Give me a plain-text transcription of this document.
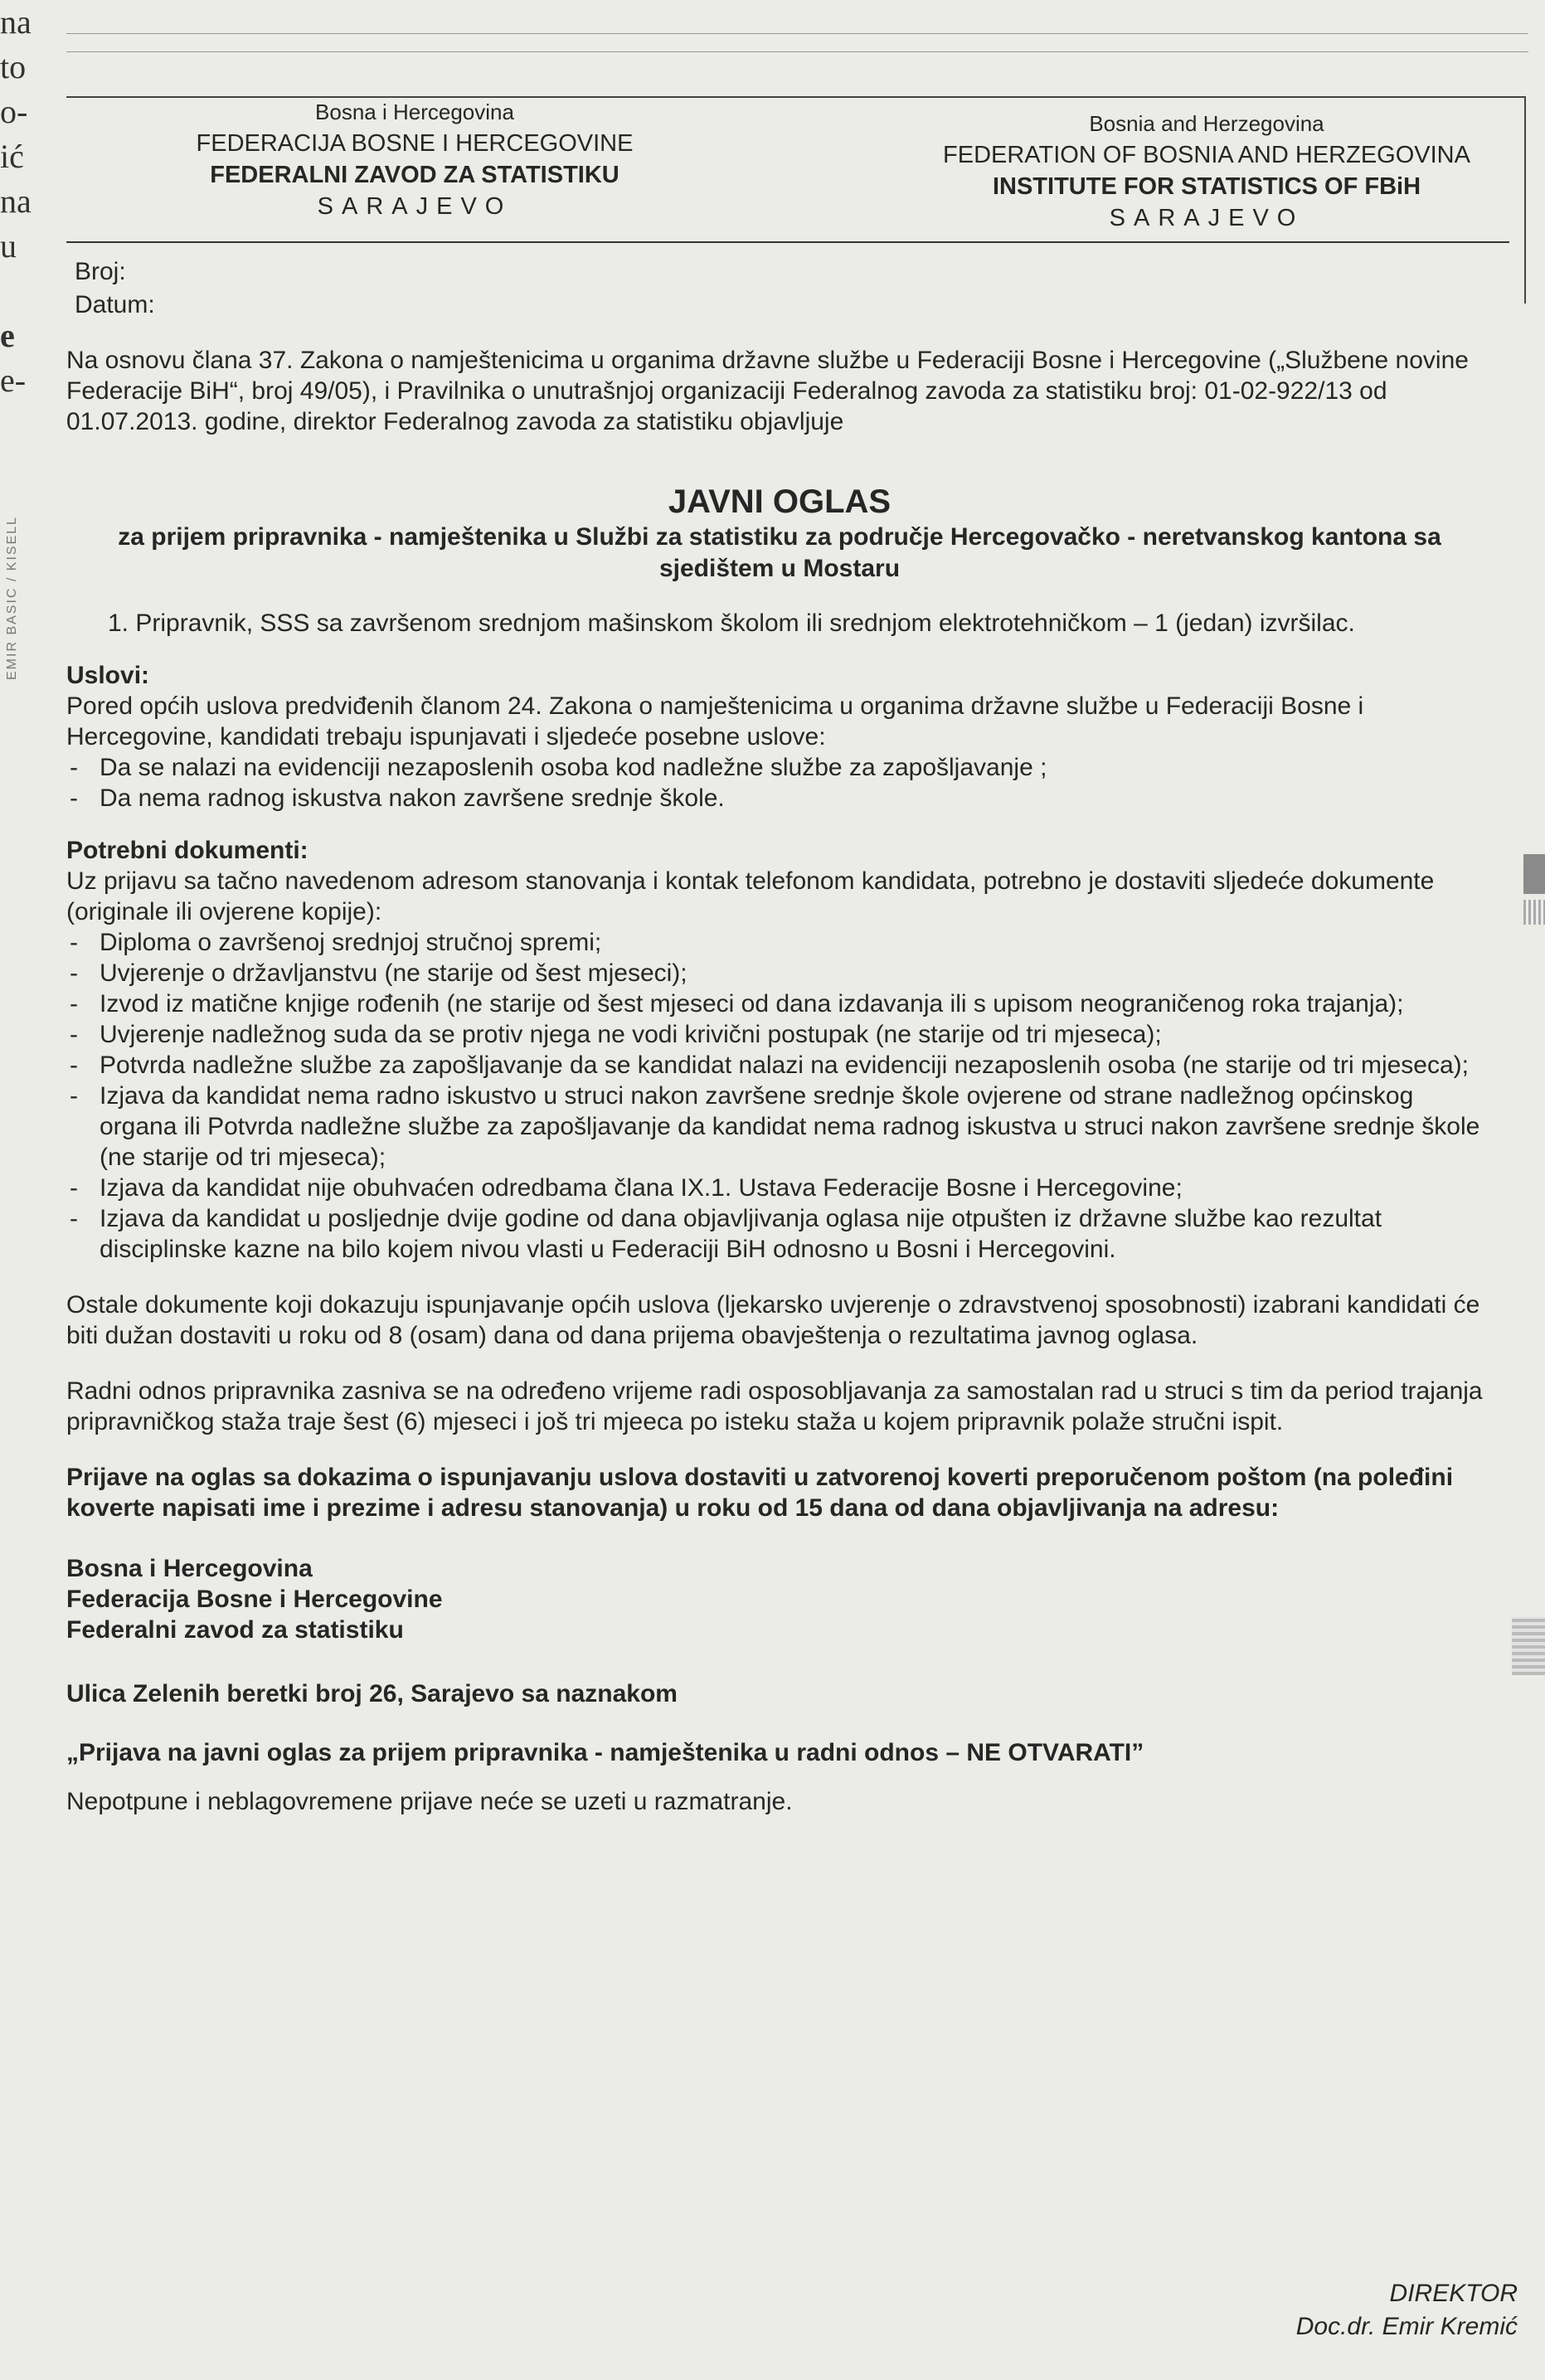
na
to
o-
ić
na
u

e
e-
EMIR BASIC / KISELL
Bosna i Hercegovina
FEDERACIJA BOSNE I HERCEGOVINE
FEDERALNI ZAVOD ZA STATISTIKU
SARAJEVO
Bosnia and Herzegovina
FEDERATION OF BOSNIA AND HERZEGOVINA
INSTITUTE FOR STATISTICS OF FBiH
SARAJEVO
Broj:
Datum:
Na osnovu člana 37. Zakona o namještenicima u organima državne službe u Federaciji Bosne i Hercegovine („Službene novine Federacije BiH“, broj 49/05), i Pravilnika o unutrašnjoj organizaciji Federalnog zavoda za statistiku broj: 01-02-922/13 od 01.07.2013. godine, direktor Federalnog zavoda za statistiku objavljuje
JAVNI OGLAS
za prijem pripravnika - namještenika u Službi za statistiku za područje Hercegovačko - neretvanskog kantona sa sjedištem u Mostaru
1. Pripravnik, SSS sa završenom srednjom mašinskom školom ili srednjom elektrotehničkom – 1 (jedan) izvršilac.
Uslovi:
Pored općih uslova predviđenih članom 24. Zakona o namještenicima u organima državne službe u Federaciji Bosne i Hercegovine, kandidati trebaju ispunjavati i sljedeće posebne uslove:
- Da se nalazi na evidenciji nezaposlenih osoba kod nadležne službe za zapošljavanje ;
- Da nema radnog iskustva nakon završene srednje škole.
Potrebni dokumenti:
Uz prijavu sa tačno navedenom adresom stanovanja i kontak telefonom kandidata, potrebno je dostaviti sljedeće dokumente (originale ili ovjerene kopije):
- Diploma o završenoj srednjoj stručnoj spremi;
- Uvjerenje o državljanstvu (ne starije od šest mjeseci);
- Izvod iz matične knjige rođenih (ne starije od šest mjeseci od dana izdavanja ili s upisom neograničenog roka trajanja);
- Uvjerenje nadležnog suda da se protiv njega ne vodi krivični postupak (ne starije od tri mjeseca);
- Potvrda nadležne službe za zapošljavanje da se kandidat nalazi na evidenciji nezaposlenih osoba (ne starije od tri mjeseca);
- Izjava da kandidat nema radno iskustvo u struci nakon završene srednje škole ovjerene od strane nadležnog općinskog organa ili Potvrda nadležne službe za zapošljavanje da kandidat nema radnog iskustva u struci nakon završene srednje škole (ne starije od tri mjeseca);
- Izjava da kandidat nije obuhvaćen odredbama člana IX.1. Ustava Federacije Bosne i Hercegovine;
- Izjava da kandidat u posljednje dvije godine od dana objavljivanja oglasa nije otpušten iz državne službe kao rezultat disciplinske kazne na bilo kojem nivou vlasti u Federaciji BiH odnosno u Bosni i Hercegovini.
Ostale dokumente koji dokazuju ispunjavanje općih uslova (ljekarsko uvjerenje o zdravstvenoj sposobnosti) izabrani kandidati će biti dužan dostaviti u roku od 8 (osam) dana od dana prijema obavještenja o rezultatima javnog oglasa.
Radni odnos pripravnika zasniva se na određeno vrijeme radi osposobljavanja za samostalan rad u struci s tim da period trajanja pripravničkog staža traje šest (6) mjeseci i još tri mjeeca po isteku staža u kojem pripravnik polaže stručni ispit.
Prijave na oglas sa dokazima o ispunjavanju uslova dostaviti u zatvorenoj koverti preporučenom poštom (na poleđini koverte napisati ime i prezime i adresu stanovanja) u roku od 15 dana od dana objavljivanja na adresu:
Bosna i Hercegovina
Federacija Bosne i Hercegovine
Federalni zavod za statistiku
Ulica Zelenih beretki broj 26, Sarajevo sa naznakom
„Prijava na javni oglas za prijem pripravnika - namještenika u radni odnos – NE OTVARATI”
Nepotpune i neblagovremene prijave neće se uzeti u razmatranje.
DIREKTOR
Doc.dr. Emir Kremić
